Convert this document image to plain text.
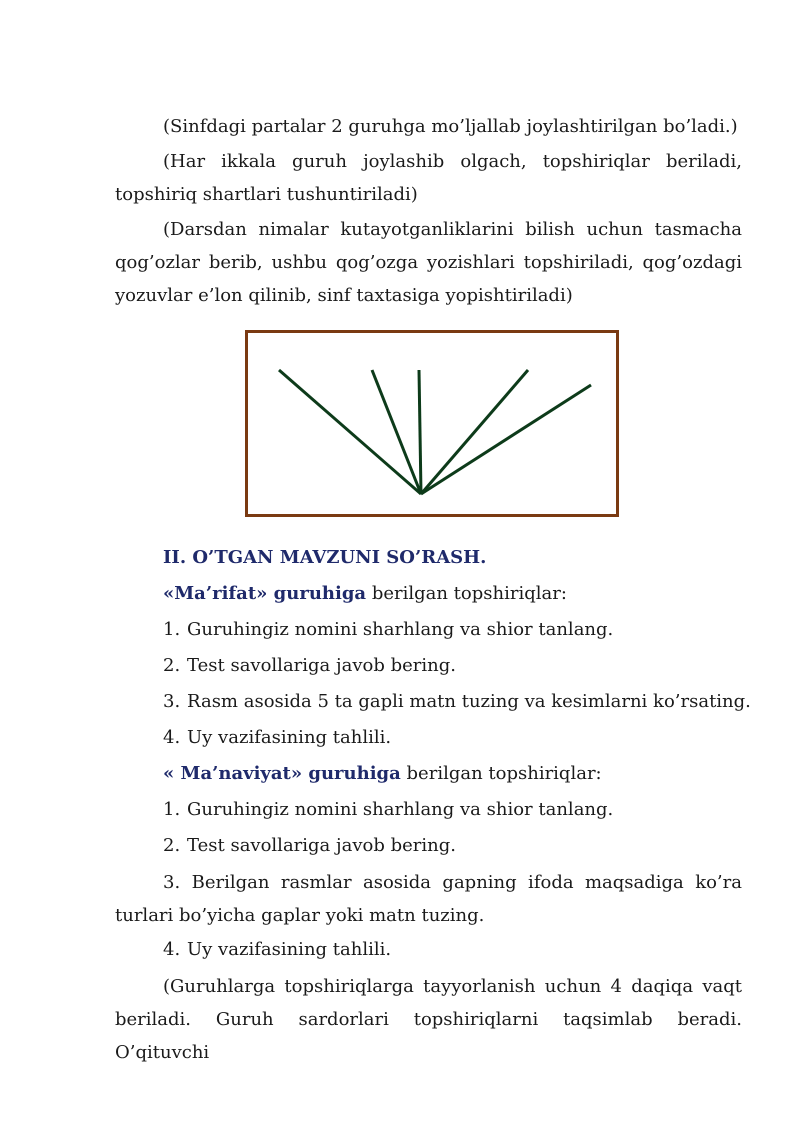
(Sinfdagi partalar 2 guruhga mo’ljallab joylashtirilgan bo’ladi.)

(Har ikkala guruh joylashib olgach, topshiriqlar beriladi, topshiriq shartlari tushuntiriladi)

(Darsdan nimalar kutayotganliklarini bilish uchun tasmacha qog’ozlar berib, ushbu qog’ozga yozishlari topshiriladi, qog’ozdagi yozuvlar e’lon qilinib, sinf taxtasiga yopishtiriladi)

II. O’TGAN MAVZUNI SO’RASH.

«Ma’rifat» guruhiga berilgan topshiriqlar:

1. Guruhingiz nomini sharhlang va shior tanlang.

2. Test savollariga javob bering.

3. Rasm asosida 5 ta gapli matn tuzing va kesimlarni ko’rsating.

4. Uy vazifasining tahlili.

« Ma’naviyat» guruhiga berilgan topshiriqlar:

1. Guruhingiz nomini sharhlang va shior tanlang.

2. Test savollariga javob bering.

3. Berilgan rasmlar asosida gapning ifoda maqsadiga ko’ra turlari bo’yicha gaplar yoki matn tuzing.

4. Uy vazifasining tahlili.

(Guruhlarga topshiriqlarga tayyorlanish uchun 4 daqiqa vaqt beriladi. Guruh sardorlari topshiriqlarni taqsimlab beradi. O’qituvchi
